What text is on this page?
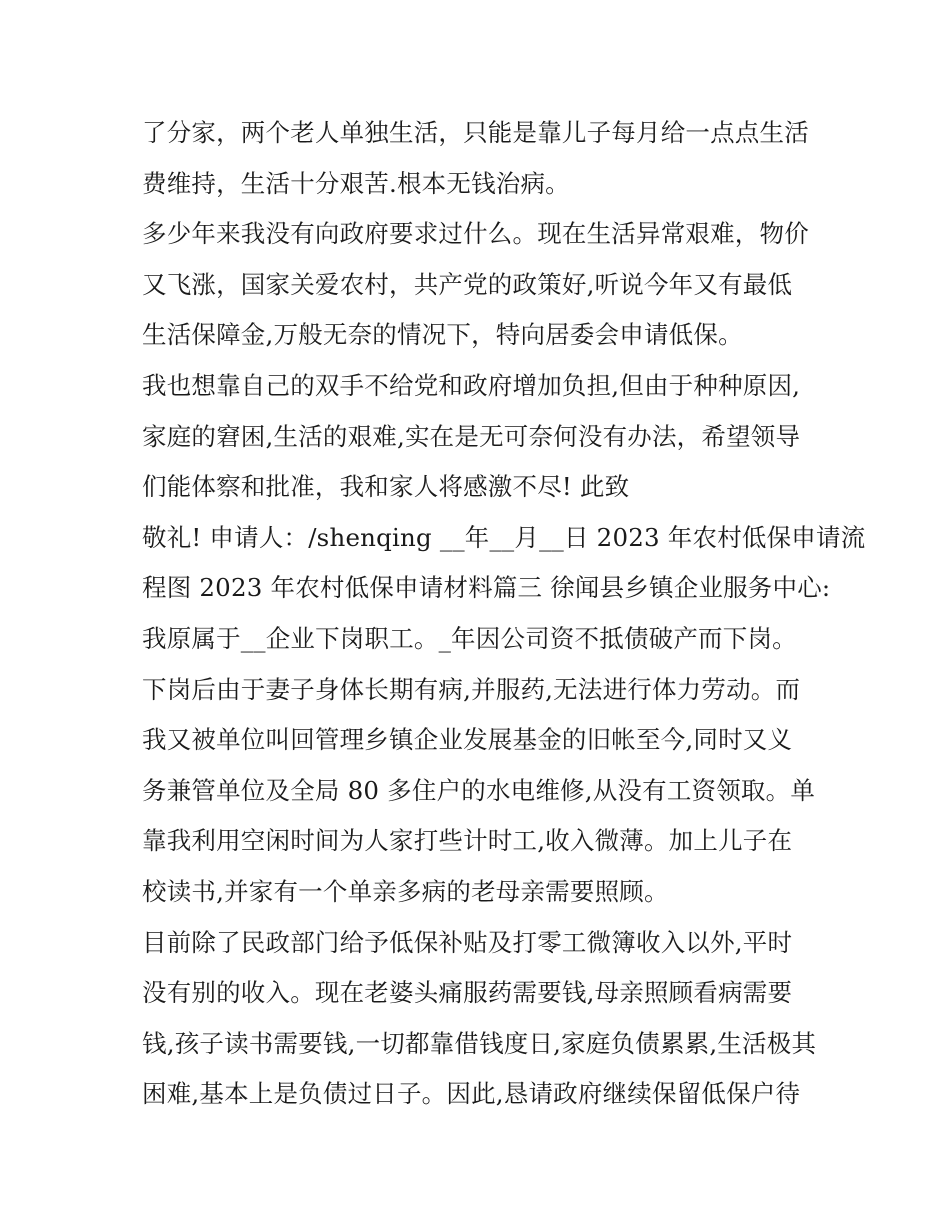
了分家，两个老人单独生活，只能是靠儿子每月给一点点生活
费维持，生活十分艰苦.根本无钱治病。
多少年来我没有向政府要求过什么。现在生活异常艰难，物价
又飞涨，国家关爱农村，共产党的政策好,听说今年又有最低
生活保障金,万般无奈的情况下，特向居委会申请低保。
我也想靠自己的双手不给党和政府增加负担,但由于种种原因,
家庭的窘困,生活的艰难,实在是无可奈何没有办法，希望领导
们能体察和批准，我和家人将感激不尽! 此致
敬礼! 申请人：/shenqing __年__月__日 2023 年农村低保申请流
程图 2023 年农村低保申请材料篇三 徐闻县乡镇企业服务中心:
我原属于__企业下岗职工。_年因公司资不抵债破产而下岗。
下岗后由于妻子身体长期有病,并服药,无法进行体力劳动。而
我又被单位叫回管理乡镇企业发展基金的旧帐至今,同时又义
务兼管单位及全局 80 多住户的水电维修,从没有工资领取。单
靠我利用空闲时间为人家打些计时工,收入微薄。加上儿子在
校读书,并家有一个单亲多病的老母亲需要照顾。
目前除了民政部门给予低保补贴及打零工微簿收入以外,平时
没有别的收入。现在老婆头痛服药需要钱,母亲照顾看病需要
钱,孩子读书需要钱,一切都靠借钱度日,家庭负债累累,生活极其
困难,基本上是负债过日子。因此,恳请政府继续保留低保户待
